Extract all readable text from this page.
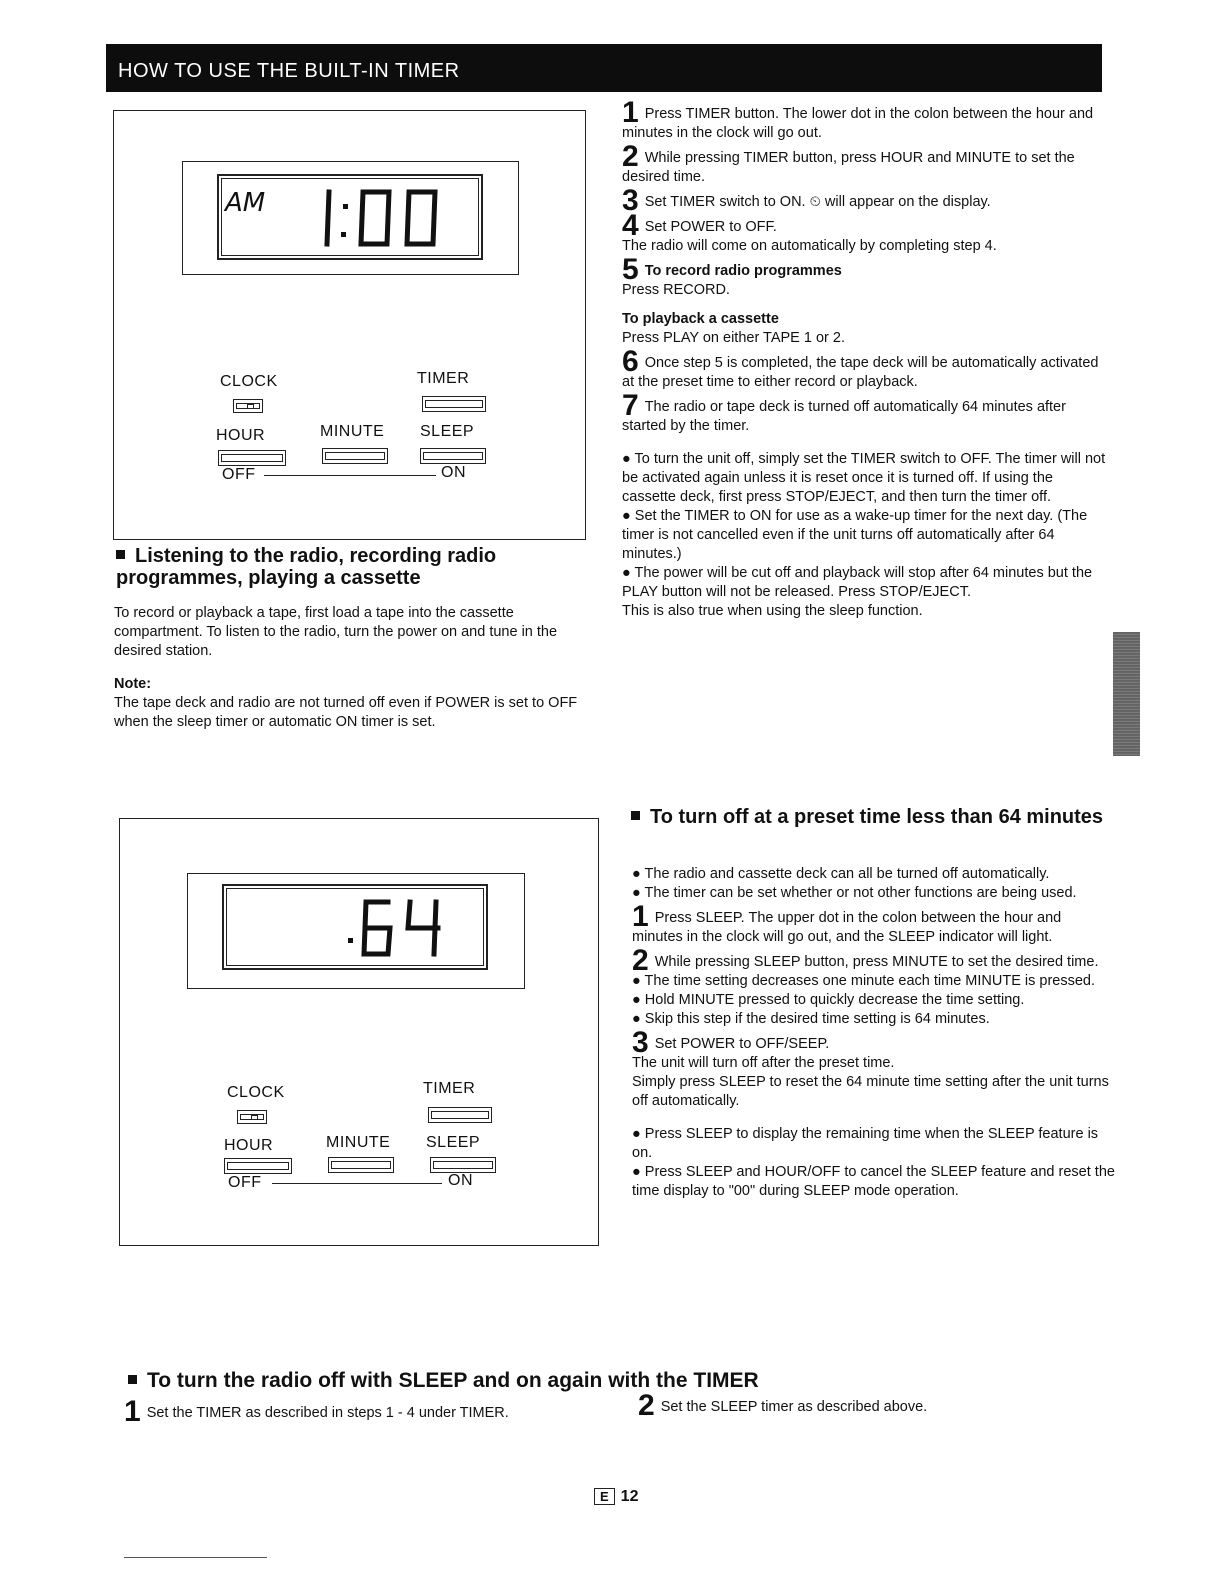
HOW TO USE THE BUILT-IN TIMER
AM
CLOCK	TIMER
HOUR	MINUTE SLEEP
OFF	ON
Listening to the radio, recording radio programmes, playing a cassette

To record or playback a tape, first load a tape into the cassette compartment. To listen to the radio, turn the power on and tune in the desired station.

Note:

The tape deck and radio are not turned off even if POWER is set to OFF when the sleep timer or automatic ON timer is set.

1 Press TIMER button. The lower dot in the colon between the hour and minutes in the clock will go out.

2 While pressing TIMER button, press HOUR and MINUTE to set the desired time.

3 Set TIMER switch to ON. ⏲ will appear on the display.

4 Set POWER to OFF.

The radio will come on automatically by completing step 4.

5 To record radio programmes

Press RECORD.

To playback a cassette

Press PLAY on either TAPE 1 or 2.

6 Once step 5 is completed, the tape deck will be automatically activated at the preset time to either record or playback.

7 The radio or tape deck is turned off automatically 64 minutes after started by the timer.

● To turn the unit off, simply set the TIMER switch to OFF. The timer will not be activated again unless it is reset once it is turned off. If using the cassette deck, first press STOP/EJECT, and then turn the timer off.

● Set the TIMER to ON for use as a wake-up timer for the next day. (The timer is not cancelled even if the unit turns off automatically after 64 minutes.)

● The power will be cut off and playback will stop after 64 minutes but the PLAY button will not be released. Press STOP/EJECT.

This is also true when using the sleep function.

CLOCK	TIMER
HOUR	MINUTE SLEEP
OFF	ON
To turn off at a preset time less than 64 minutes

● The radio and cassette deck can all be turned off automatically.

● The timer can be set whether or not other functions are being used.

1 Press SLEEP. The upper dot in the colon between the hour and minutes in the clock will go out, and the SLEEP indicator will light.

2 While pressing SLEEP button, press MINUTE to set the desired time.

● The time setting decreases one minute each time MINUTE is pressed.

● Hold MINUTE pressed to quickly decrease the time setting.

● Skip this step if the desired time setting is 64 minutes.

3 Set POWER to OFF/SEEP.

The unit will turn off after the preset time.

Simply press SLEEP to reset the 64 minute time setting after the unit turns off automatically.

● Press SLEEP to display the remaining time when the SLEEP feature is on.

● Press SLEEP and HOUR/OFF to cancel the SLEEP feature and reset the time display to "00" during SLEEP mode operation.

To turn the radio off with SLEEP and on again with the TIMER
1 Set the TIMER as described in steps 1 - 4 under TIMER.	2 Set the SLEEP timer as described above.
E 12
